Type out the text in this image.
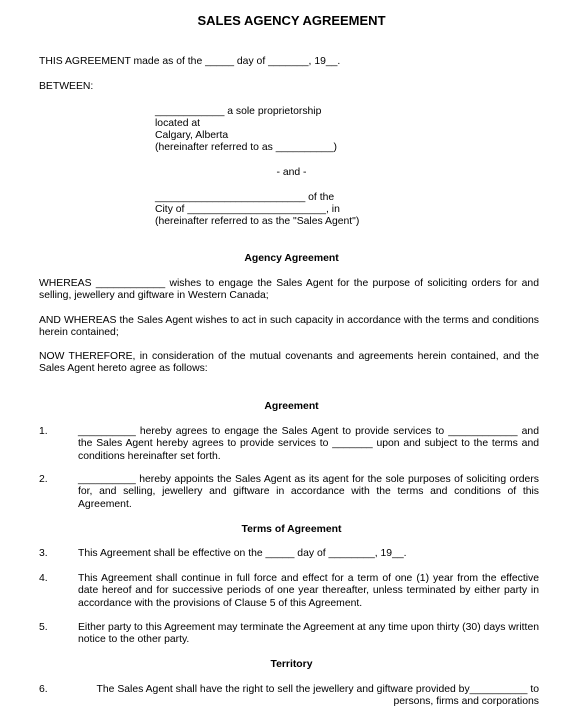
SALES AGENCY AGREEMENT
THIS AGREEMENT made as of the _____ day of _______, 19__.
BETWEEN:
____________ a sole proprietorship
located at
Calgary, Alberta
(hereinafter referred to as __________)
- and -
__________________________ of the
City of ________________________, in
(hereinafter referred to as the "Sales Agent")
Agency Agreement
WHEREAS ____________ wishes to engage the Sales Agent for the purpose of soliciting orders for and selling, jewellery and giftware in Western Canada;
AND WHEREAS the Sales Agent wishes to act in such capacity in accordance with the terms and conditions herein contained;
NOW THEREFORE, in consideration of the mutual covenants and agreements herein contained, and the Sales Agent hereto agree as follows:
Agreement
1.	__________ hereby agrees to engage the Sales Agent to provide services to ____________ and the Sales Agent hereby agrees to provide services to _______ upon and subject to the terms and conditions hereinafter set forth.
2.	__________ hereby appoints the Sales Agent as its agent for the sole purposes of soliciting orders for, and selling, jewellery and giftware in accordance with the terms and conditions of this Agreement.
Terms of Agreement
3.	This Agreement shall be effective on the _____ day of ________, 19__.
4.	This Agreement shall continue in full force and effect for a term of one (1) year from the effective date hereof and for successive periods of one year thereafter, unless terminated by either party in accordance with the provisions of Clause 5 of this Agreement.
5.	Either party to this Agreement may terminate the Agreement at any time upon thirty (30) days written notice to the other party.
Territory
6.	The Sales Agent shall have the right to sell the jewellery and giftware provided by__________ to
persons, firms and corporations
